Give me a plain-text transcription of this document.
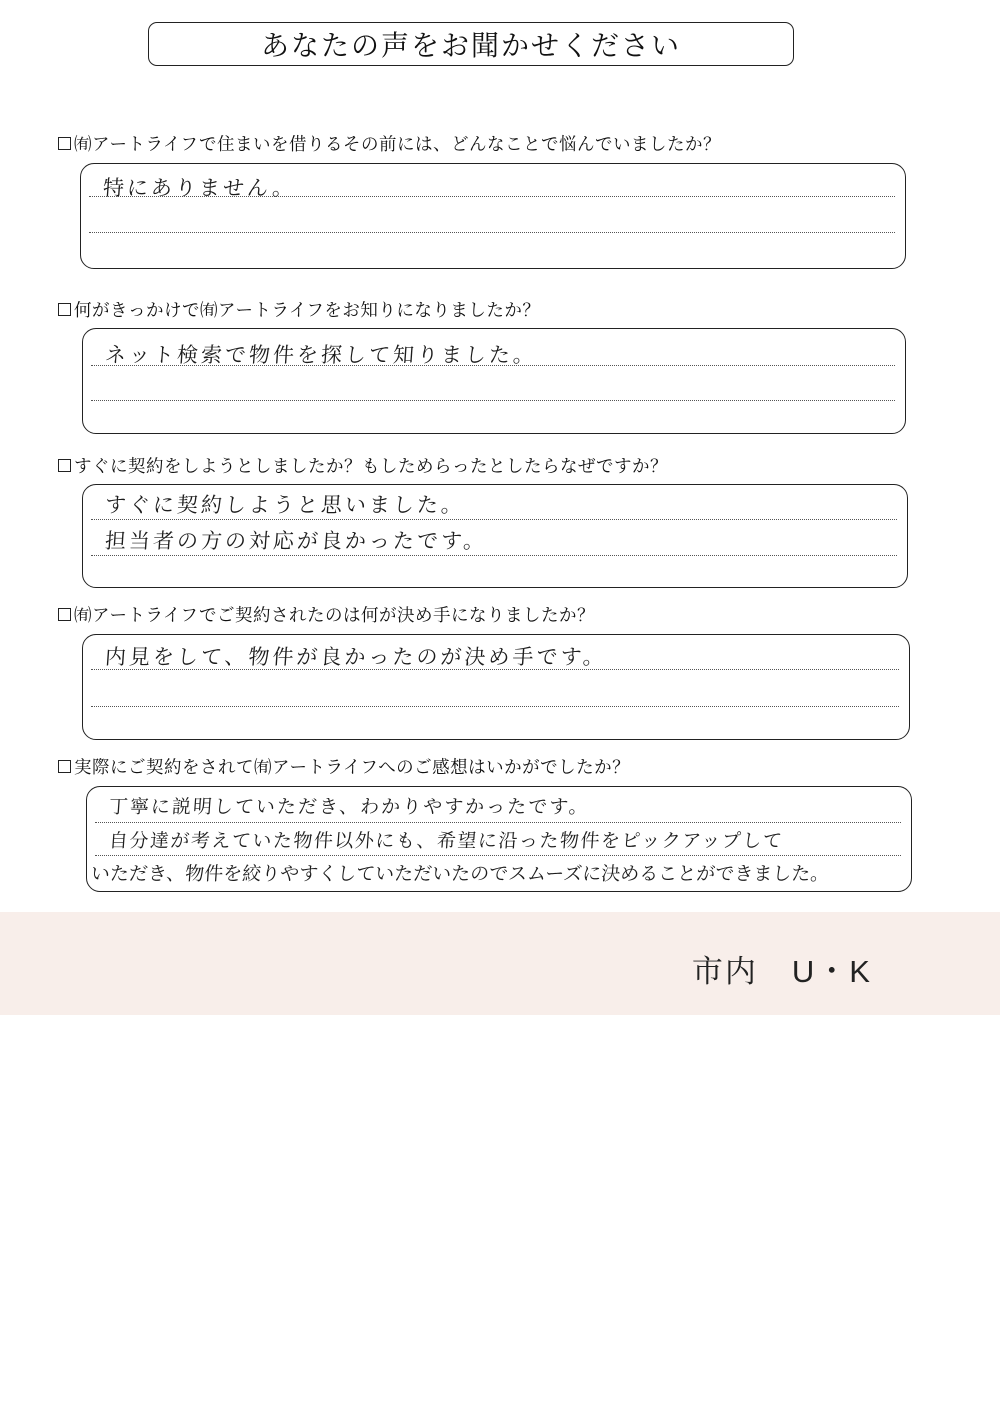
あなたの声をお聞かせください
㈲アートライフで住まいを借りるその前には、どんなことで悩んでいましたか？
特にありません。
何がきっかけで㈲アートライフをお知りになりましたか？
ネット検索で物件を探して知りました。
すぐに契約をしようとしましたか？もしためらったとしたらなぜですか？
すぐに契約しようと思いました。
担当者の方の対応が良かったです。
㈲アートライフでご契約されたのは何が決め手になりましたか？
内見をして、物件が良かったのが決め手です。
実際にご契約をされて㈲アートライフへのご感想はいかがでしたか？
丁寧に説明していただき、わかりやすかったです。
自分達が考えていた物件以外にも、希望に沿った物件をピックアップして
いただき、物件を絞りやすくしていただいたのでスムーズに決めることができました。
市内 U・K
